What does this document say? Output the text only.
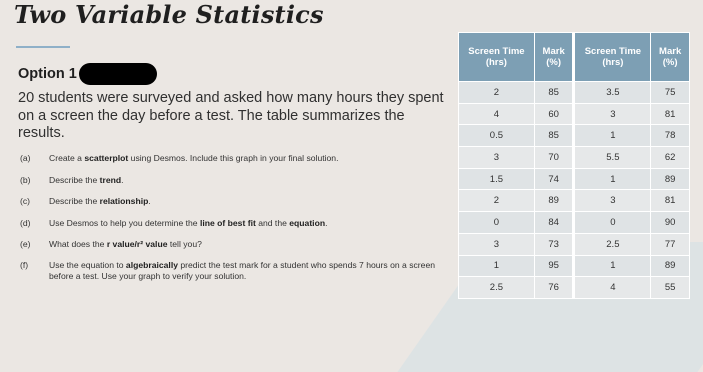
Two Variable Statistics
Option 1
20 students were surveyed and asked how many hours they spent on a screen the day before a test. The table summarizes the results.
(a)	Create a scatterplot using Desmos. Include this graph in your final solution.
(b)	Describe the trend.
(c)	Describe the relationship.
(d)	Use Desmos to help you determine the line of best fit and the equation.
(e)	What does the r value/r² value tell you?
(f)	Use the equation to algebraically predict the test mark for a student who spends 7 hours on a screen before a test. Use your graph to verify your solution.
Screen Time (hrs)	Mark (%)	Screen Time (hrs)	Mark (%)
2	85	3.5	75
4	60	3	81
0.5	85	1	78
3	70	5.5	62
1.5	74	1	89
2	89	3	81
0	84	0	90
3	73	2.5	77
1	95	1	89
2.5	76	4	55
